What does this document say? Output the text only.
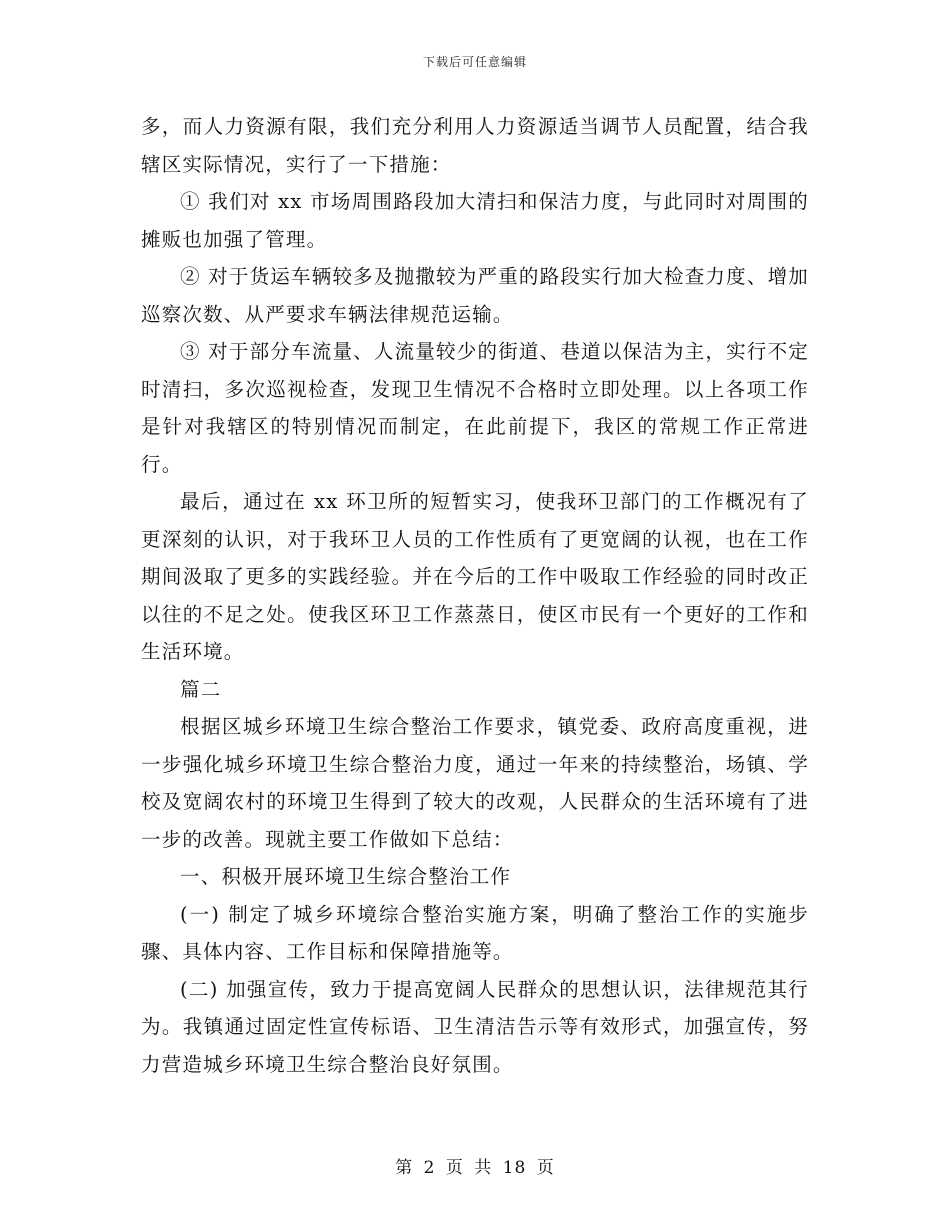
下载后可任意编辑

多，而人力资源有限，我们充分利用人力资源适当调节人员配置，结合我辖区实际情况，实行了一下措施：

① 我们对 xx 市场周围路段加大清扫和保洁力度，与此同时对周围的摊贩也加强了管理。

② 对于货运车辆较多及抛撒较为严重的路段实行加大检查力度、增加巡察次数、从严要求车辆法律规范运输。

③ 对于部分车流量、人流量较少的街道、巷道以保洁为主，实行不定时清扫，多次巡视检查，发现卫生情况不合格时立即处理。以上各项工作是针对我辖区的特别情况而制定，在此前提下，我区的常规工作正常进行。

最后，通过在 xx 环卫所的短暂实习，使我环卫部门的工作概况有了更深刻的认识，对于我环卫人员的工作性质有了更宽阔的认视，也在工作期间汲取了更多的实践经验。并在今后的工作中吸取工作经验的同时改正以往的不足之处。使我区环卫工作蒸蒸日，使区市民有一个更好的工作和生活环境。

篇二

根据区城乡环境卫生综合整治工作要求，镇党委、政府高度重视，进一步强化城乡环境卫生综合整治力度，通过一年来的持续整治，场镇、学校及宽阔农村的环境卫生得到了较大的改观，人民群众的生活环境有了进一步的改善。现就主要工作做如下总结：

一、积极开展环境卫生综合整治工作

(一) 制定了城乡环境综合整治实施方案，明确了整治工作的实施步骤、具体内容、工作目标和保障措施等。

(二) 加强宣传，致力于提高宽阔人民群众的思想认识，法律规范其行为。我镇通过固定性宣传标语、卫生清洁告示等有效形式，加强宣传，努力营造城乡环境卫生综合整治良好氛围。

第 2 页 共 18 页
